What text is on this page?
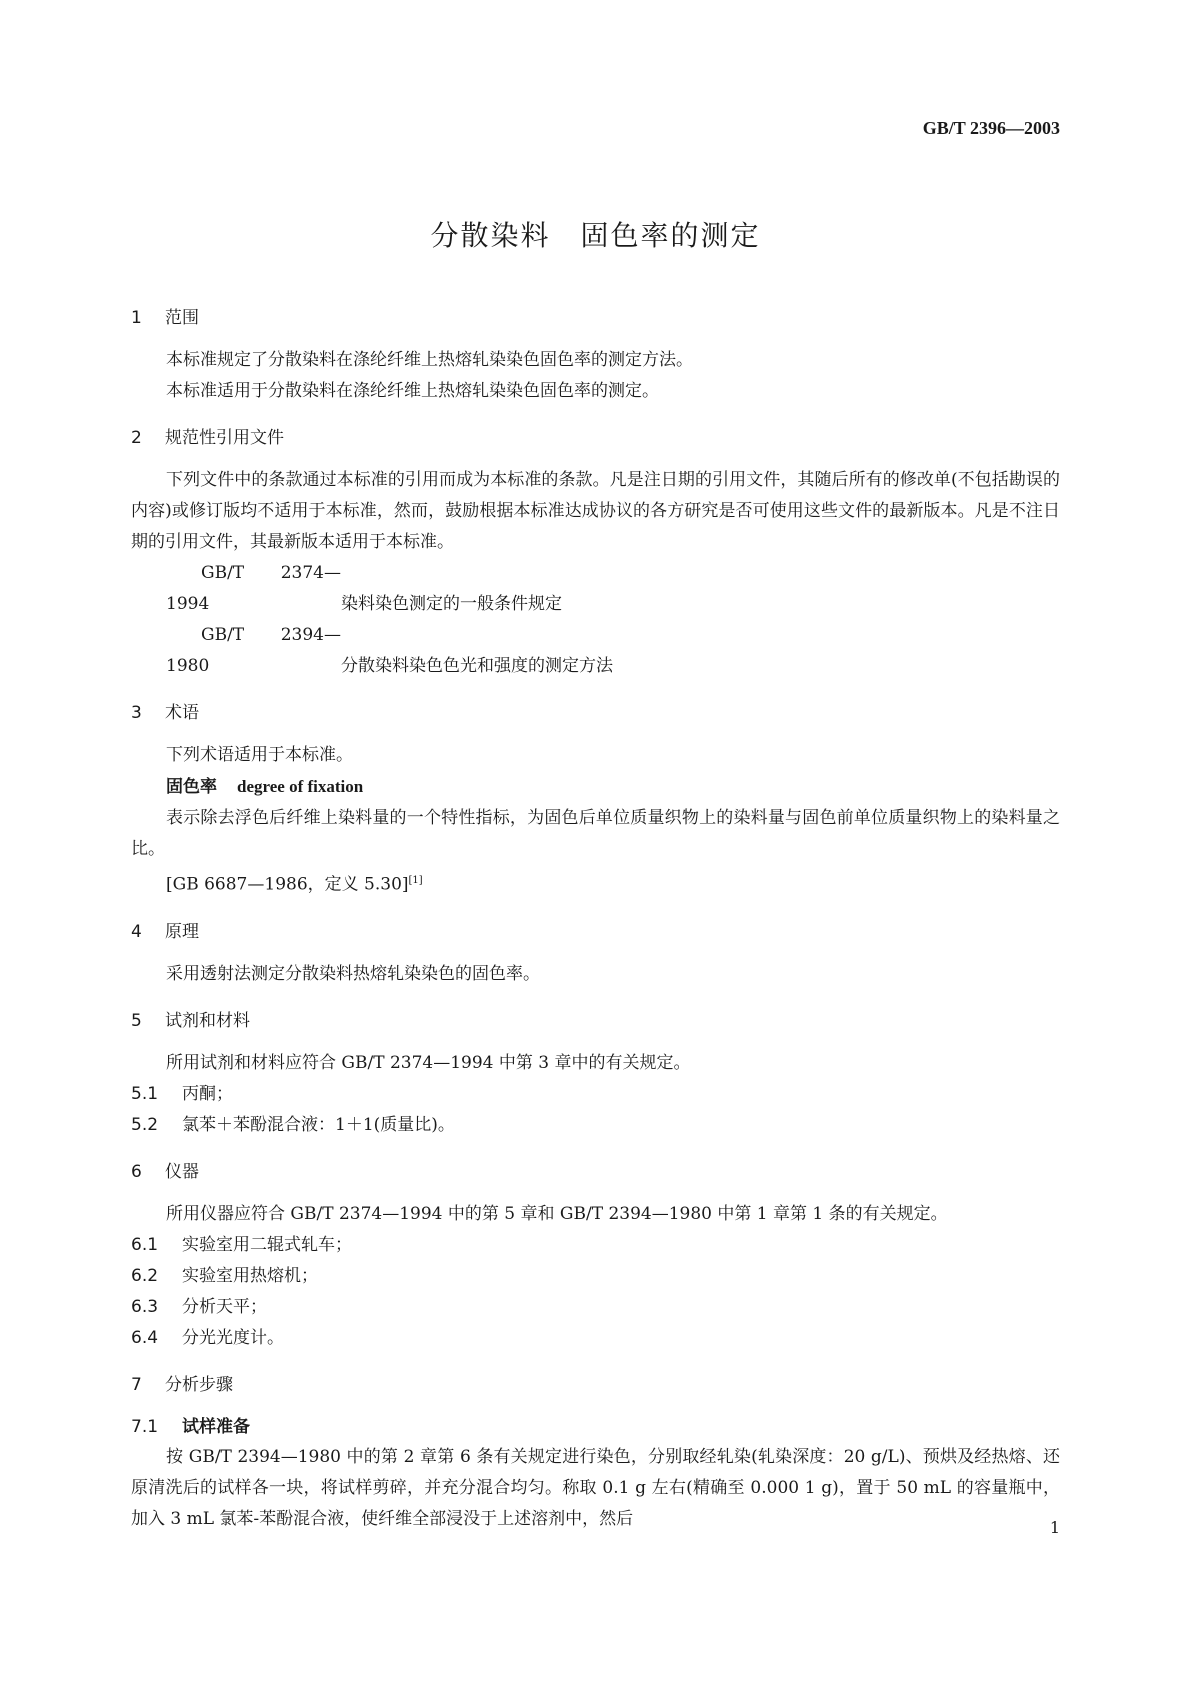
GB/T 2396—2003
分散染料　固色率的测定
1 范围

本标准规定了分散染料在涤纶纤维上热熔轧染染色固色率的测定方法。

本标准适用于分散染料在涤纶纤维上热熔轧染染色固色率的测定。

2 规范性引用文件

下列文件中的条款通过本标准的引用而成为本标准的条款。凡是注日期的引用文件，其随后所有的修改单(不包括勘误的内容)或修订版均不适用于本标准，然而，鼓励根据本标准达成协议的各方研究是否可使用这些文件的最新版本。凡是不注日期的引用文件，其最新版本适用于本标准。

GB/T 2374—1994	染料染色测定的一般条件规定

GB/T 2394—1980	分散染料染色色光和强度的测定方法

3 术语

下列术语适用于本标准。

固色率 degree of fixation

表示除去浮色后纤维上染料量的一个特性指标，为固色后单位质量织物上的染料量与固色前单位质量织物上的染料量之比。

[GB 6687—1986，定义 5.30][1]
4 原理

采用透射法测定分散染料热熔轧染染色的固色率。

5 试剂和材料

所用试剂和材料应符合 GB/T 2374—1994 中第 3 章中的有关规定。

5.1 丙酮；

5.2 氯苯＋苯酚混合液：1＋1(质量比)。

6 仪器

所用仪器应符合 GB/T 2374—1994 中的第 5 章和 GB/T 2394—1980 中第 1 章第 1 条的有关规定。

6.1 实验室用二辊式轧车；

6.2 实验室用热熔机；

6.3 分析天平；

6.4 分光光度计。

7 分析步骤
7.1 试样准备

按 GB/T 2394—1980 中的第 2 章第 6 条有关规定进行染色，分别取经轧染(轧染深度：20 g/L)、预烘及经热熔、还原清洗后的试样各一块，将试样剪碎，并充分混合均匀。称取 0.1 g 左右(精确至 0.000 1 g)，置于 50 mL 的容量瓶中，加入 3 mL 氯苯-苯酚混合液，使纤维全部浸没于上述溶剂中，然后	1
